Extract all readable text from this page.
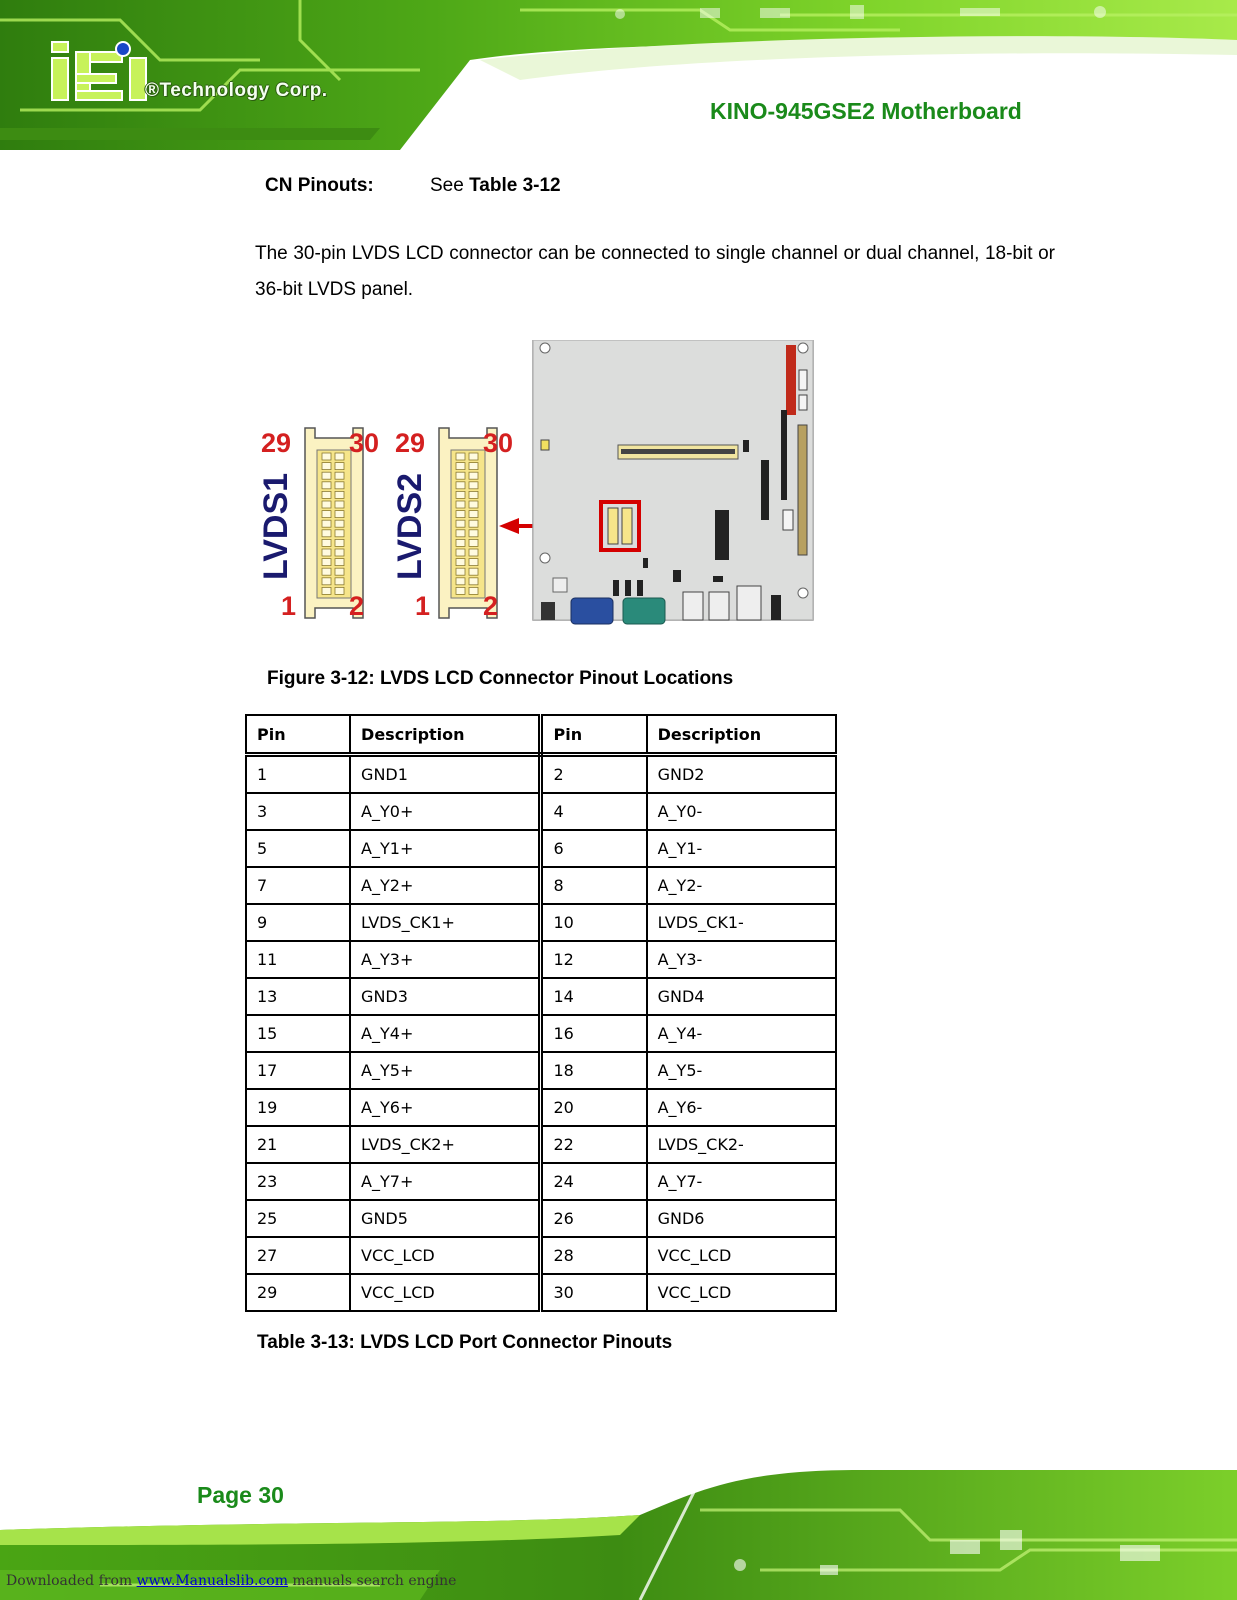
®Technology Corp.
KINO-945GSE2 Motherboard
CN Pinouts:	See Table 3-12
The 30-pin LVDS LCD connector can be connected to single channel or dual channel, 18-bit or 36-bit LVDS panel.
29 30
1 2
29 30
1 2
LVDS1	LVDS2
Figure 3-12: LVDS LCD Connector Pinout Locations
Pin	Description	Pin	Description
1	GND1	2	GND2
3	A_Y0+	4	A_Y0-
5	A_Y1+	6	A_Y1-
7	A_Y2+	8	A_Y2-
9	LVDS_CK1+	10	LVDS_CK1-
11	A_Y3+	12	A_Y3-
13	GND3	14	GND4
15	A_Y4+	16	A_Y4-
17	A_Y5+	18	A_Y5-
19	A_Y6+	20	A_Y6-
21	LVDS_CK2+	22	LVDS_CK2-
23	A_Y7+	24	A_Y7-
25	GND5	26	GND6
27	VCC_LCD	28	VCC_LCD
29	VCC_LCD	30	VCC_LCD
Table 3-13: LVDS LCD Port Connector Pinouts
Page 30
Downloaded from www.Manualslib.com manuals search engine
